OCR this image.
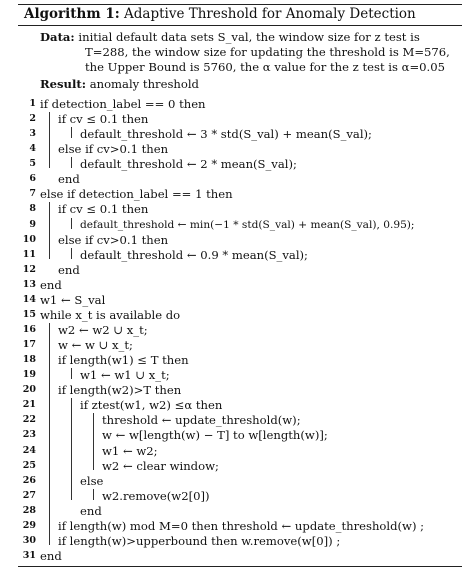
Algorithm 1: Adaptive Threshold for Anomaly Detection
Data: initial default data sets S_val, the window size for z test is
T=288, the window size for updating the threshold is M=576,
the Upper Bound is 5760, the α value for the z test is α=0.05
Result: anomaly threshold
1 if detection_label == 0 then
2 if cv ≤ 0.1 then
3	default_threshold ← 3 * std(S_val) + mean(S_val);
4 else if cv>0.1 then
5	default_threshold ← 2 * mean(S_val);
6 end
7 else if detection_label == 1 then
8 if cv ≤ 0.1 then
9	default_threshold ← min(−1 * std(S_val) + mean(S_val), 0.95);
10 else if cv>0.1 then
11	default_threshold ← 0.9 * mean(S_val);
12 end
13 end
14 w1 ← S_val
15 while x_t is available do
16 w2 ← w2 ∪ x_t;
17 w ← w ∪ x_t;
18 if length(w1) ≤ T then
19	w1 ← w1 ∪ x_t;
20 if length(w2)>T then
21	if ztest(w1, w2) ≤α then
22	threshold ← update_threshold(w);
23	w ← w[length(w) − T] to w[length(w)];
24	w1 ← w2;
25	w2 ← clear window;
26	else
27	w2.remove(w2[0])
28	end
29 if length(w) mod M=0 then threshold ← update_threshold(w) ;
30 if length(w)>upperbound then w.remove(w[0]) ;
31 end
